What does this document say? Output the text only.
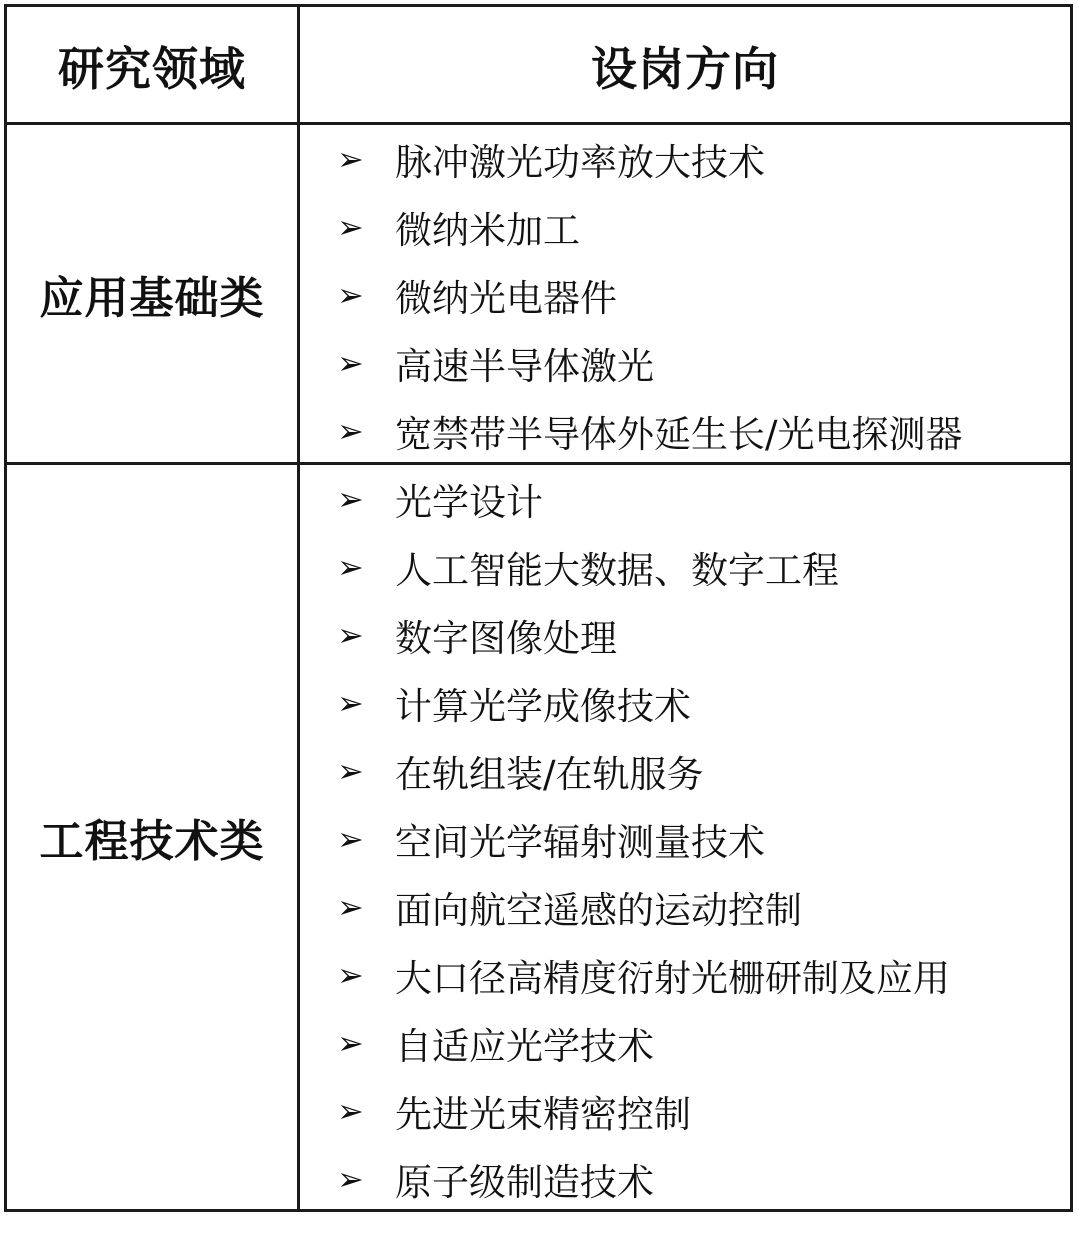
研究领域	设岗方向
应用基础类
➢ 脉冲激光功率放大技术
➢ 微纳米加工
➢ 微纳光电器件
➢ 高速半导体激光
➢ 宽禁带半导体外延生长/光电探测器
工程技术类
➢ 光学设计
➢ 人工智能大数据、数字工程
➢ 数字图像处理
➢ 计算光学成像技术
➢ 在轨组装/在轨服务
➢ 空间光学辐射测量技术
➢ 面向航空遥感的运动控制
➢ 大口径高精度衍射光栅研制及应用
➢ 自适应光学技术
➢ 先进光束精密控制
➢ 原子级制造技术
